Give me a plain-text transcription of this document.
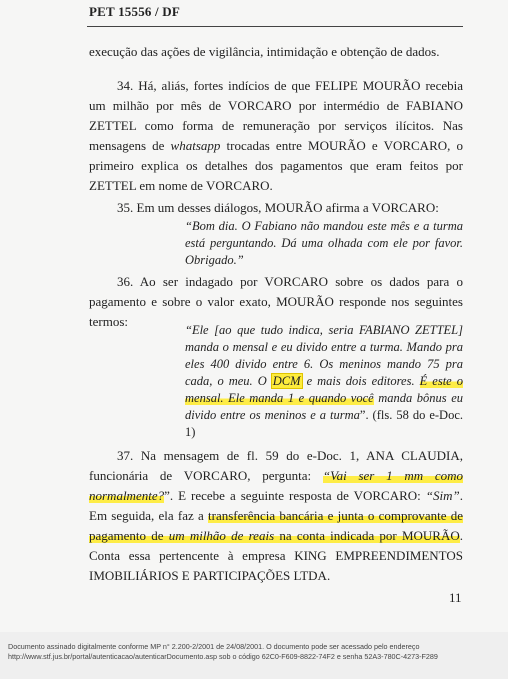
PET 15556 / DF

execução das ações de vigilância, intimidação e obtenção de dados.

34. Há, aliás, fortes indícios de que FELIPE MOURÃO recebia um milhão por mês de VORCARO por intermédio de FABIANO ZETTEL como forma de remuneração por serviços ilícitos. Nas mensagens de whatsapp trocadas entre MOURÃO e VORCARO, o primeiro explica os detalhes dos pagamentos que eram feitos por ZETTEL em nome de VORCARO.

35. Em um desses diálogos, MOURÃO afirma a VORCARO:

“Bom dia. O Fabiano não mandou este mês e a turma está perguntando. Dá uma olhada com ele por favor. Obrigado.”

36. Ao ser indagado por VORCARO sobre os dados para o pagamento e sobre o valor exato, MOURÃO responde nos seguintes termos:

“Ele [ao que tudo indica, seria FABIANO ZETTEL] manda o mensal e eu divido entre a turma. Mando pra eles 400 divido entre 6. Os meninos mando 75 pra cada, o meu. O DCM e mais dois editores. É este o mensal. Ele manda 1 e quando você manda bônus eu divido entre os meninos e a turma”. (fls. 58 do e-Doc. 1)

37. Na mensagem de fl. 59 do e-Doc. 1, ANA CLAUDIA, funcionária de VORCARO, pergunta: “Vai ser 1 mm como normalmente?”. E recebe a seguinte resposta de VORCARO: “Sim”. Em seguida, ela faz a transferência bancária e junta o comprovante de pagamento de um milhão de reais na conta indicada por MOURÃO. Conta essa pertencente à empresa KING EMPREENDIMENTOS IMOBILIÁRIOS E PARTICIPAÇÕES LTDA.

11
Documento assinado digitalmente conforme MP n° 2.200-2/2001 de 24/08/2001. O documento pode ser acessado pelo endereço
http://www.stf.jus.br/portal/autenticacao/autenticarDocumento.asp sob o código 62C0-F609-8822-74F2 e senha 52A3-780C-4273-F289
